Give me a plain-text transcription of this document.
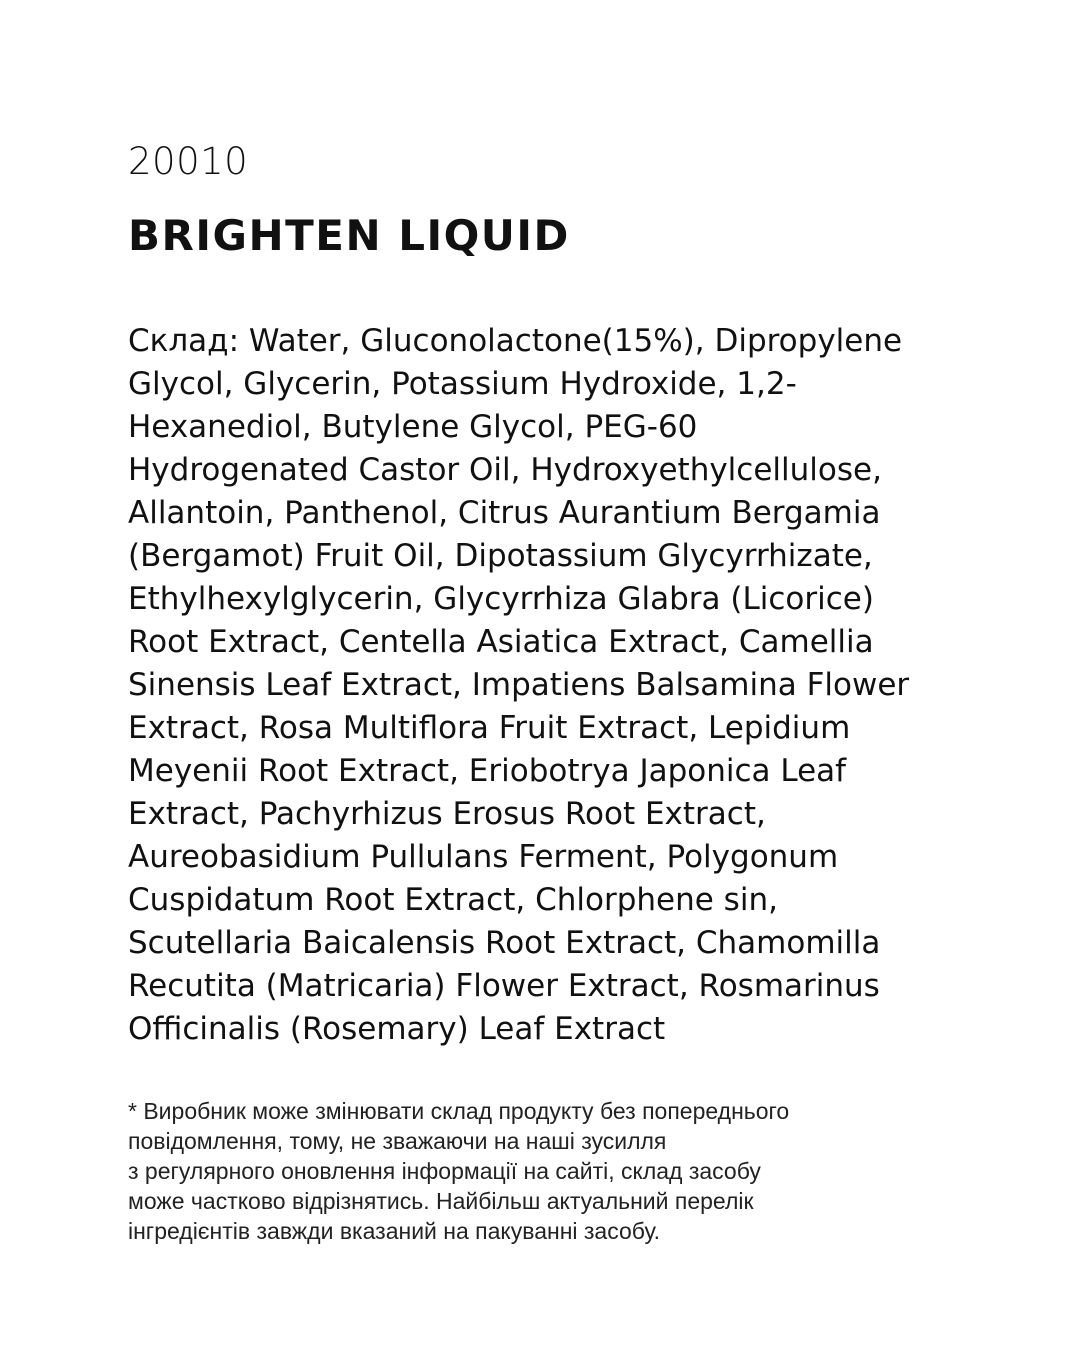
20010
BRIGHTEN LIQUID
Склад: Water, Gluconolactone(15%), Dipropylene
Glycol, Glycerin, Potassium Hydroxide, 1,2-
Hexanediol, Butylene Glycol, PEG-60
Hydrogenated Castor Oil, Hydroxyethylcellulose,
Allantoin, Panthenol, Citrus Aurantium Bergamia
(Bergamot) Fruit Oil, Dipotassium Glycyrrhizate,
Ethylhexylglycerin, Glycyrrhiza Glabra (Licorice)
Root Extract, Centella Asiatica Extract, Camellia
Sinensis Leaf Extract, Impatiens Balsamina Flower
Extract, Rosa Multiflora Fruit Extract, Lepidium
Meyenii Root Extract, Eriobotrya Japonica Leaf
Extract, Pachyrhizus Erosus Root Extract,
Aureobasidium Pullulans Ferment, Polygonum
Cuspidatum Root Extract, Chlorphene sin,
Scutellaria Baicalensis Root Extract, Chamomilla
Recutita (Matricaria) Flower Extract, Rosmarinus
Officinalis (Rosemary) Leaf Extract
* Виробник може змінювати склад продукту без попереднього
повідомлення, тому, не зважаючи на наші зусилля
з регулярного оновлення інформації на сайті, склад засобу
може частково відрізнятись. Найбільш актуальний перелік
інгредієнтів завжди вказаний на пакуванні засобу.
